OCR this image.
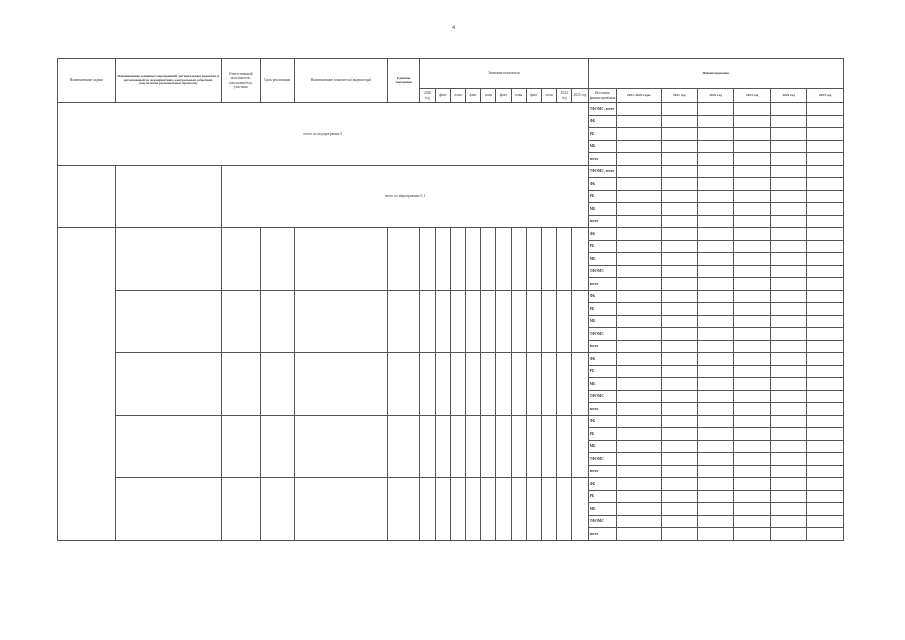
4
Наименование задачи	Наименование основных мероприятий, региональных проектов (с детализацией по мероприятиям, контрольным событиям, результатам региональных проектов)	Ответственный исполнитель, соисполнитель, участник	Срок реализации	Наименование показателя (индикатора)	Единица измерения	Значения показателя											Финансирование						
						2020 год	факт	план	факт	план	факт	план	факт	план	2024 год	2025 год	Источник финансирования	2021–2025 годы	2021 год	2022 год	2023 год	2024 год	2025 год
итого по подпрограмме 5																	ТФОМС, всего						
																	ФБ						
																	РБ						
																	МБ						
																	всего						
		итого по мероприятию 5.1															ТФОМС, всего						
																	ФБ						
																	РБ						
																	МБ						
																	всего						
																	ФБ						
																	РБ						
																	МБ						
																	ТФОМС						
																	всего						
																	ФБ						
																	РБ						
																	МБ						
																	ТФОМС						
																	всего						
																	ФБ						
																	РБ						
																	МБ						
																	ТФОМС						
																	всего						
																	ФБ						
																	РБ						
																	МБ						
																	ТФОМС						
																	всего						
																	ФБ						
																	РБ						
																	МБ						
																	ТФОМС						
																	всего						
